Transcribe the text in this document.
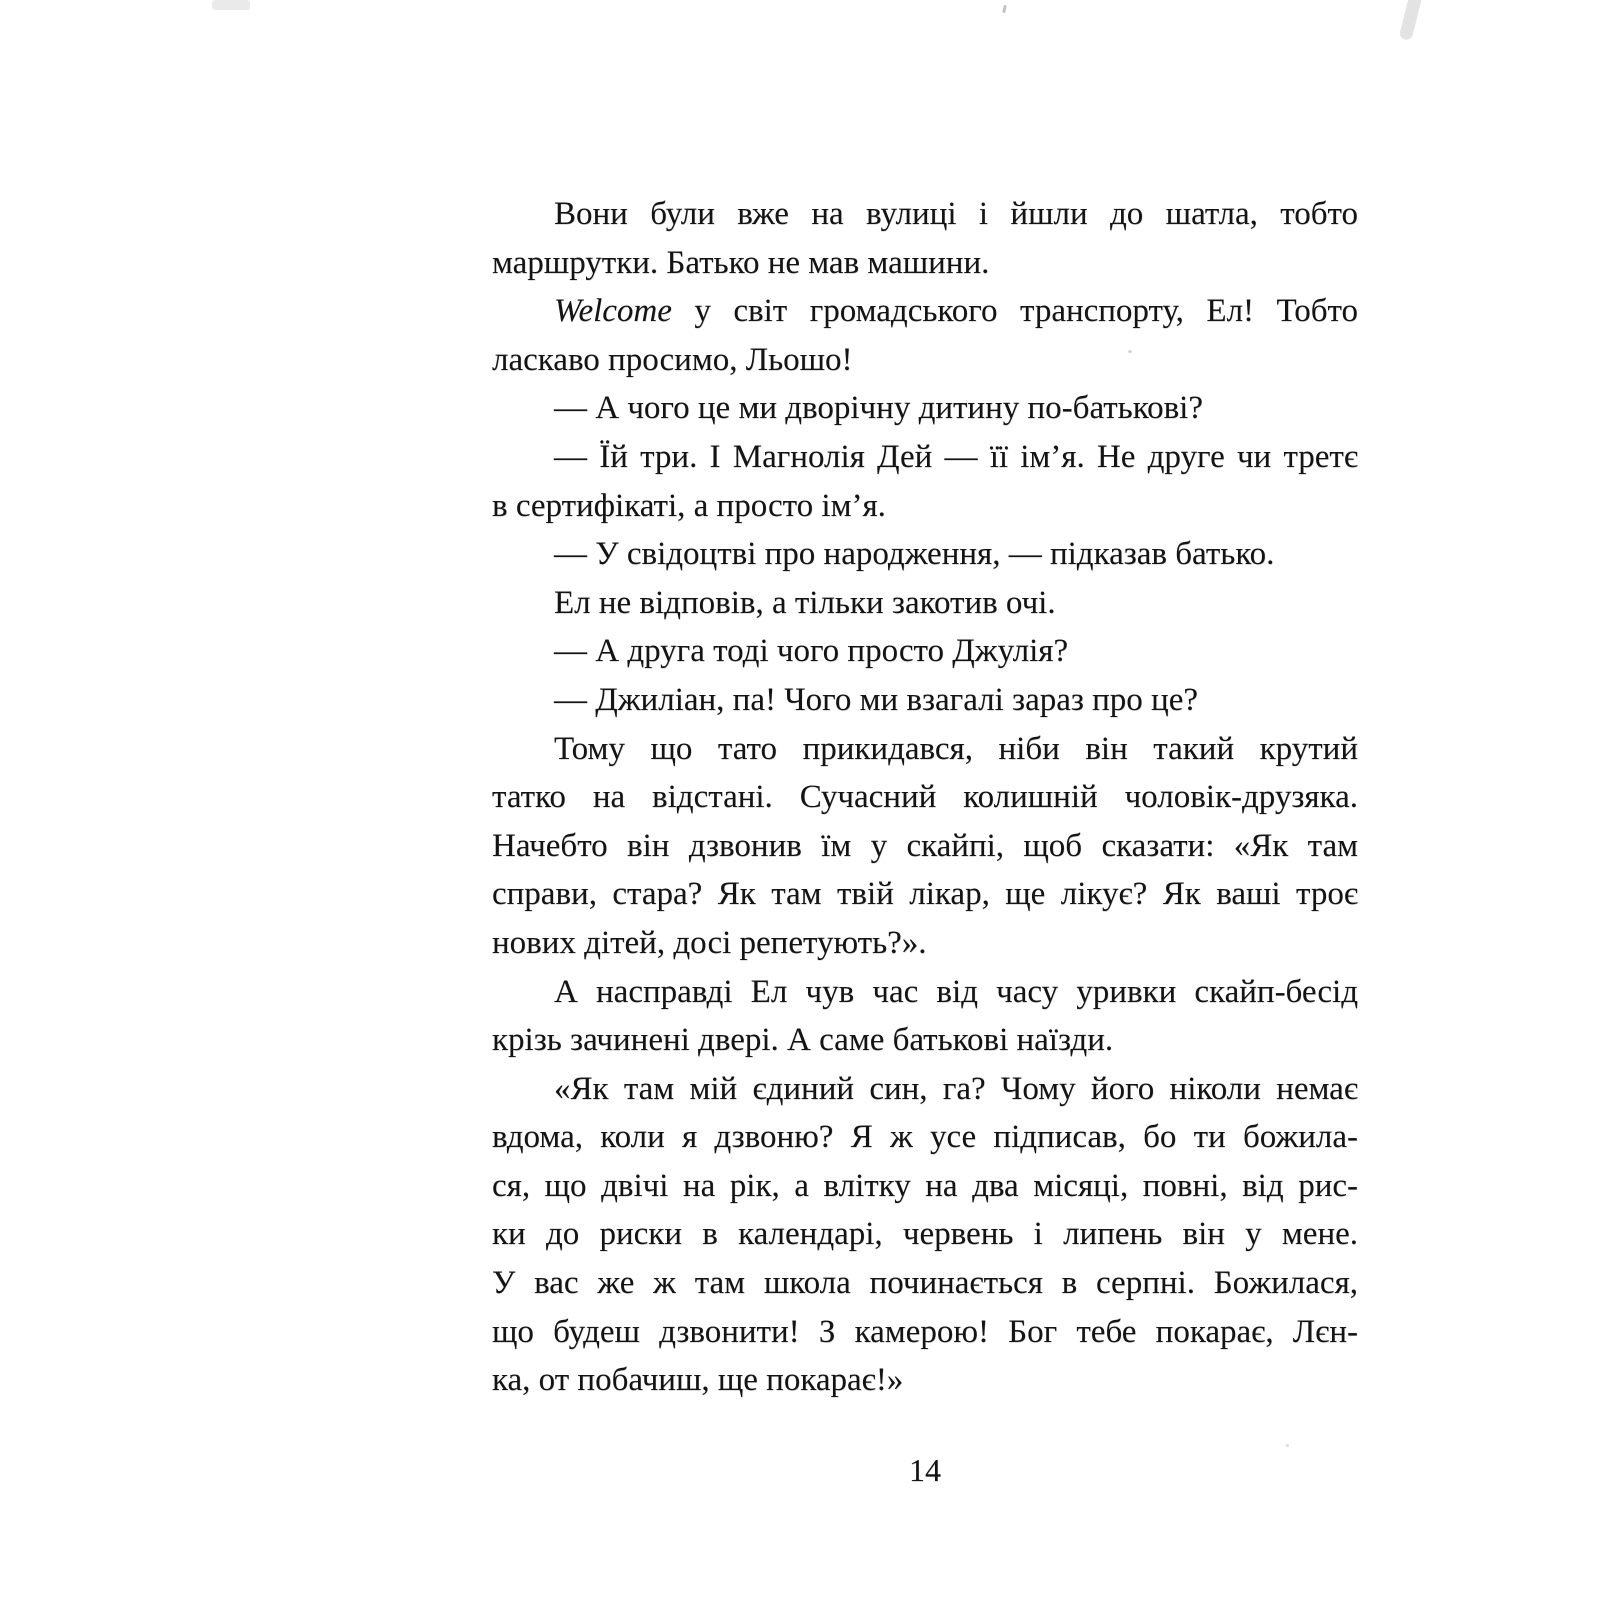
Вони були вже на вулиці і йшли до шатла, тобто
маршрутки. Батько не мав машини.
Welcome у світ громадського транспорту, Ел! Тобто
ласкаво просимо, Льошо!
— А чого це ми дворічну дитину по-батькові?
— Їй три. І Магнолія Дей — її ім’я. Не друге чи третє
в сертифікаті, а просто ім’я.
— У свідоцтві про народження, — підказав батько.
Ел не відповів, а тільки закотив очі.
— А друга тоді чого просто Джулія?
— Джиліан, па! Чого ми взагалі зараз про це?
Тому що тато прикидався, ніби він такий крутий
татко на відстані. Сучасний колишній чоловік-друзяка.
Начебто він дзвонив їм у скайпі, щоб сказати: «Як там
справи, стара? Як там твій лікар, ще лікує? Як ваші троє
нових дітей, досі репетують?».
А насправді Ел чув час від часу уривки скайп-бесід
крізь зачинені двері. А саме батькові наїзди.
«Як там мій єдиний син, га? Чому його ніколи немає
вдома, коли я дзвоню? Я ж усе підписав, бо ти божила-
ся, що двічі на рік, а влітку на два місяці, повні, від рис-
ки до риски в календарі, червень і липень він у мене.
У вас же ж там школа починається в серпні. Божилася,
що будеш дзвонити! З камерою! Бог тебе покарає, Лєн-
ка, от побачиш, ще покарає!»
14
